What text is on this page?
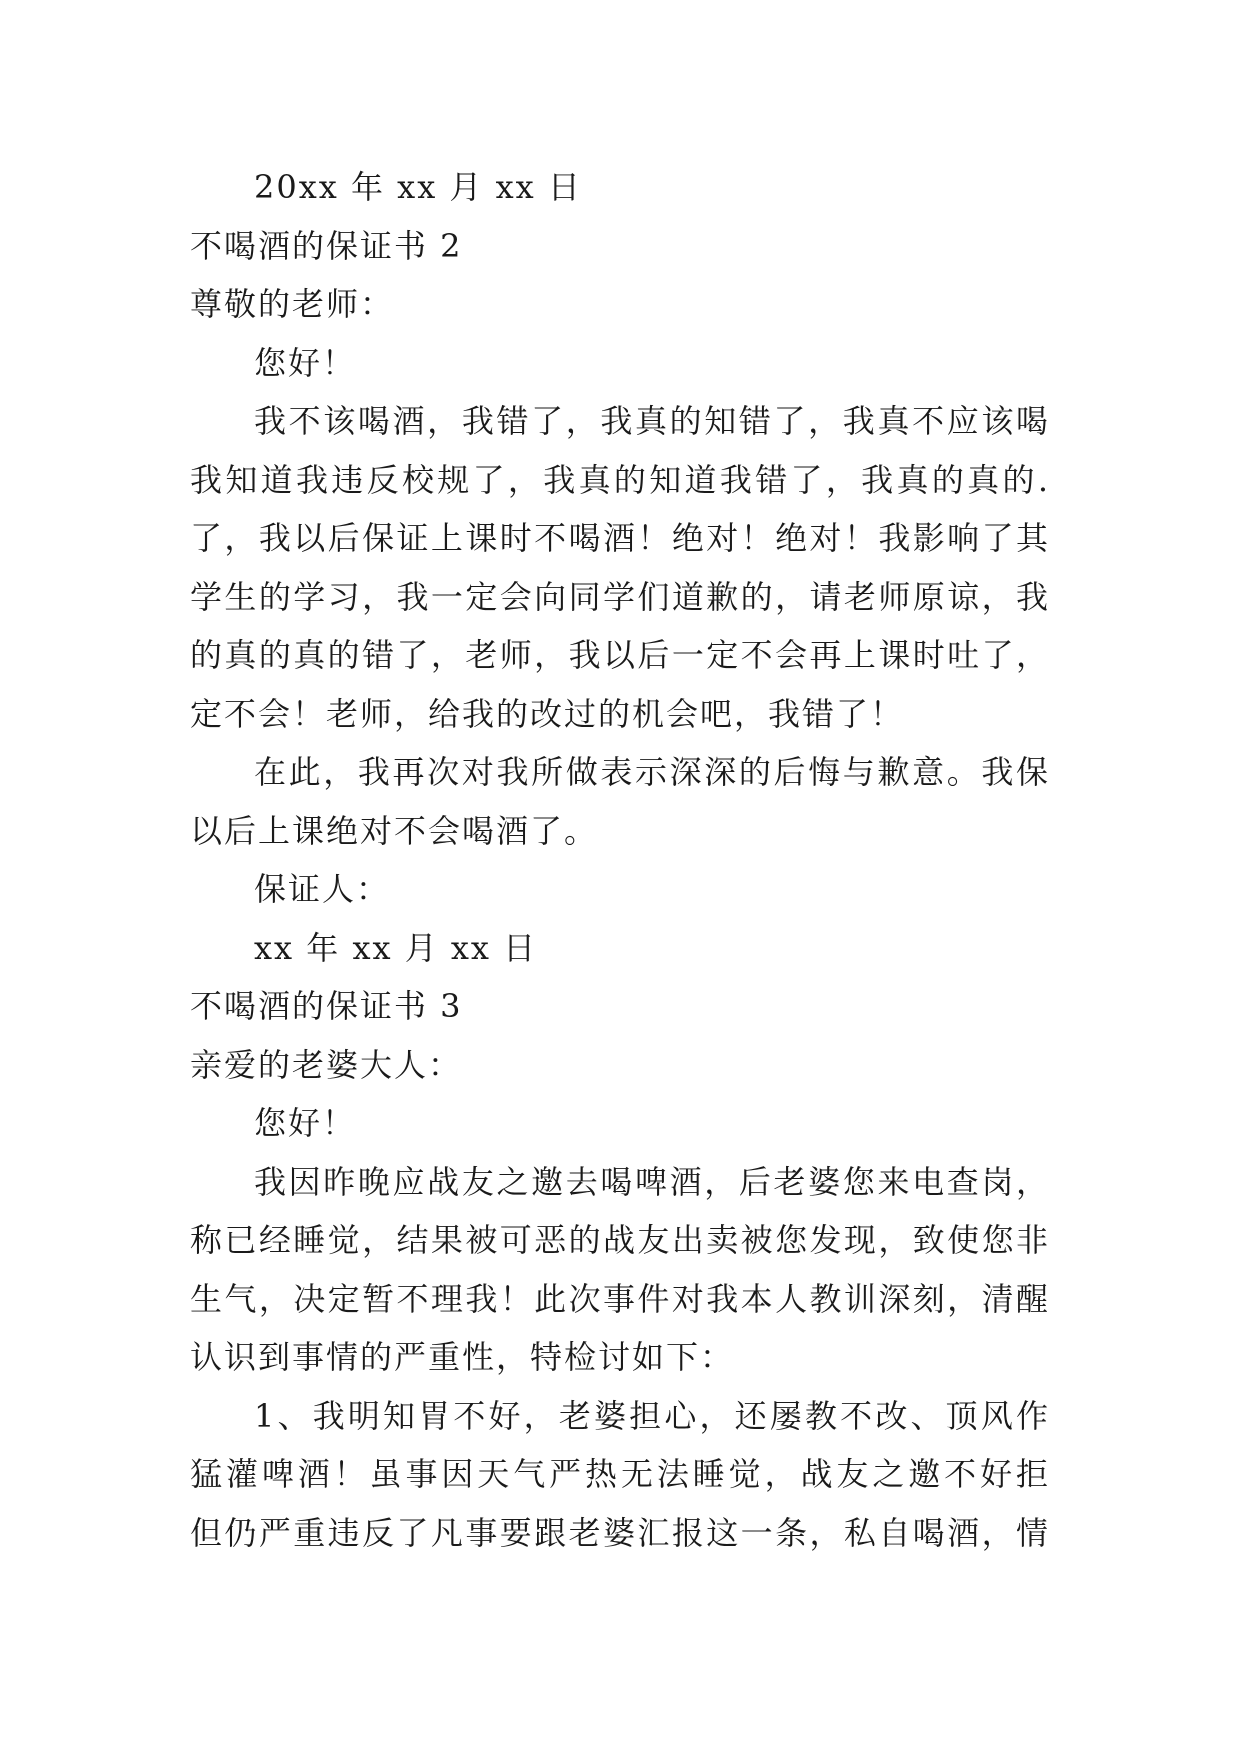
20xx 年 xx 月 xx 日
不喝酒的保证书 2
尊敬的老师：
您好！
我不该喝酒，我错了，我真的知错了，我真不应该喝
我知道我违反校规了，我真的知道我错了，我真的真的.
了，我以后保证上课时不喝酒！绝对！绝对！我影响了其
学生的学习，我一定会向同学们道歉的，请老师原谅，我
的真的真的错了，老师，我以后一定不会再上课时吐了，
定不会！老师，给我的改过的机会吧，我错了！
在此，我再次对我所做表示深深的后悔与歉意。我保
以后上课绝对不会喝酒了。
保证人：
xx 年 xx 月 xx 日
不喝酒的保证书 3
亲爱的老婆大人：
您好！
我因昨晚应战友之邀去喝啤酒，后老婆您来电查岗，
称已经睡觉，结果被可恶的战友出卖被您发现，致使您非
生气，决定暂不理我！此次事件对我本人教训深刻，清醒
认识到事情的严重性，特检讨如下：
1、我明知胃不好，老婆担心，还屡教不改、顶风作
猛灌啤酒！虽事因天气严热无法睡觉，战友之邀不好拒
但仍严重违反了凡事要跟老婆汇报这一条，私自喝酒，情
